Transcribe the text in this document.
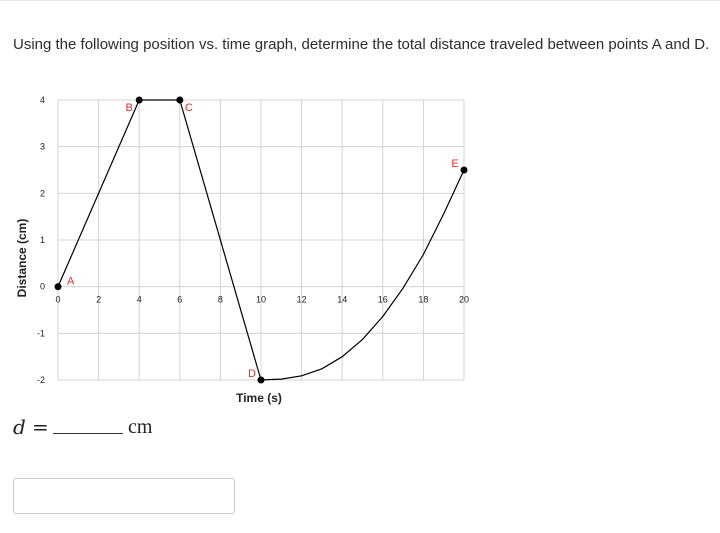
Using the following position vs. time graph, determine the total distance traveled between points A and D.
0	2	4	6	8	10	12	14	16	18	20
4
3
2
1
0
-1
-2
Time (s)
Distance (cm)	A
B	C
D
E
d =	cm
